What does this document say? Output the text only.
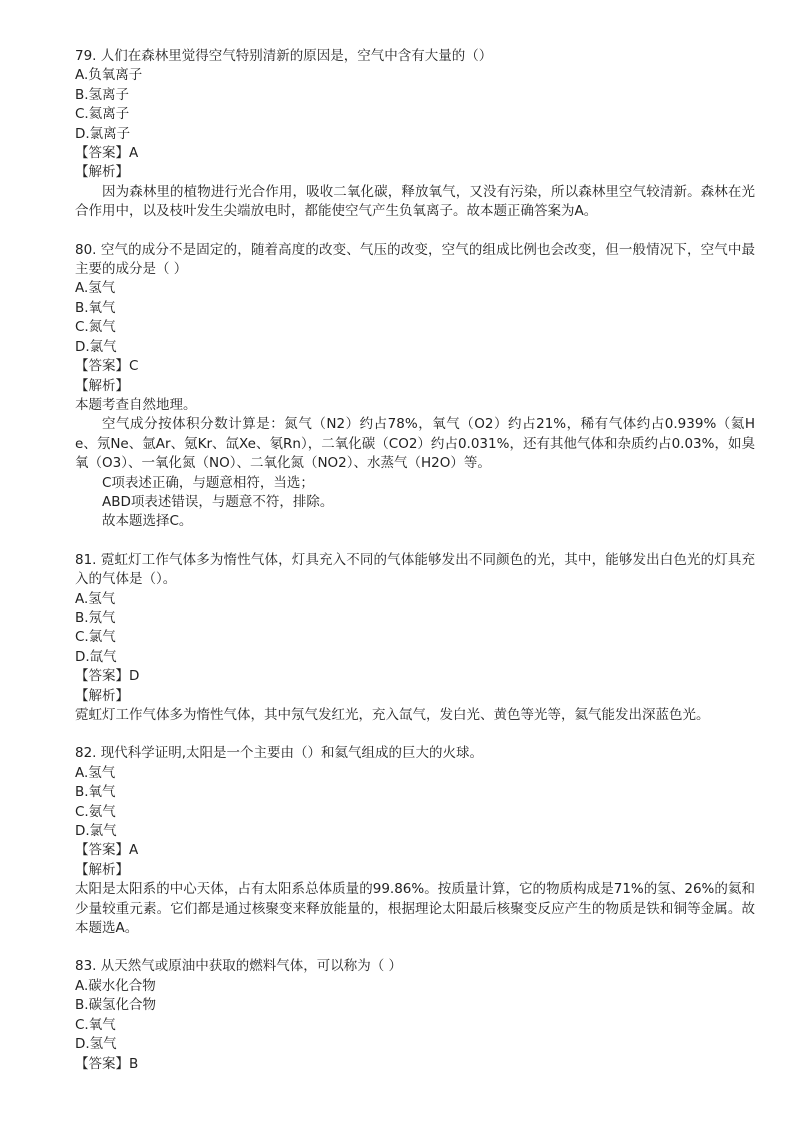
79. 人们在森林里觉得空气特别清新的原因是，空气中含有大量的（）
A.负氧离子
B.氢离子
C.氦离子
D.氯离子
【答案】A
【解析】
因为森林里的植物进行光合作用，吸收二氧化碳，释放氧气，又没有污染，所以森林里空气较清新。森林在光合作用中，以及枝叶发生尖端放电时，都能使空气产生负氧离子。故本题正确答案为A。
80. 空气的成分不是固定的，随着高度的改变、气压的改变，空气的组成比例也会改变，但一般情况下，空气中最主要的成分是（ ）
A.氢气
B.氧气
C.氮气
D.氯气
【答案】C
【解析】
本题考查自然地理。
空气成分按体积分数计算是：氮气（N2）约占78%，氧气（O2）约占21%，稀有气体约占0.939%（氦He、氖Ne、氩Ar、氪Kr、氙Xe、氡Rn），二氧化碳（CO2）约占0.031%，还有其他气体和杂质约占0.03%，如臭氧（O3）、一氧化氮（NO）、二氧化氮（NO2）、水蒸气（H2O）等。
C项表述正确，与题意相符，当选；
ABD项表述错误，与题意不符，排除。
故本题选择C。
81. 霓虹灯工作气体多为惰性气体，灯具充入不同的气体能够发出不同颜色的光，其中，能够发出白色光的灯具充入的气体是（）。
A.氢气
B.氖气
C.氯气
D.氙气
【答案】D
【解析】
霓虹灯工作气体多为惰性气体，其中氖气发红光，充入氙气，发白光、黄色等光等，氦气能发出深蓝色光。
82. 现代科学证明,太阳是一个主要由（）和氦气组成的巨大的火球。
A.氢气
B.氧气
C.氨气
D.氯气
【答案】A
【解析】
太阳是太阳系的中心天体，占有太阳系总体质量的99.86%。按质量计算，它的物质构成是71%的氢、26%的氦和少量较重元素。它们都是通过核聚变来释放能量的，根据理论太阳最后核聚变反应产生的物质是铁和铜等金属。故本题选A。
83. 从天然气或原油中获取的燃料气体，可以称为（ ）
A.碳水化合物
B.碳氢化合物
C.氧气
D.氢气
【答案】B
